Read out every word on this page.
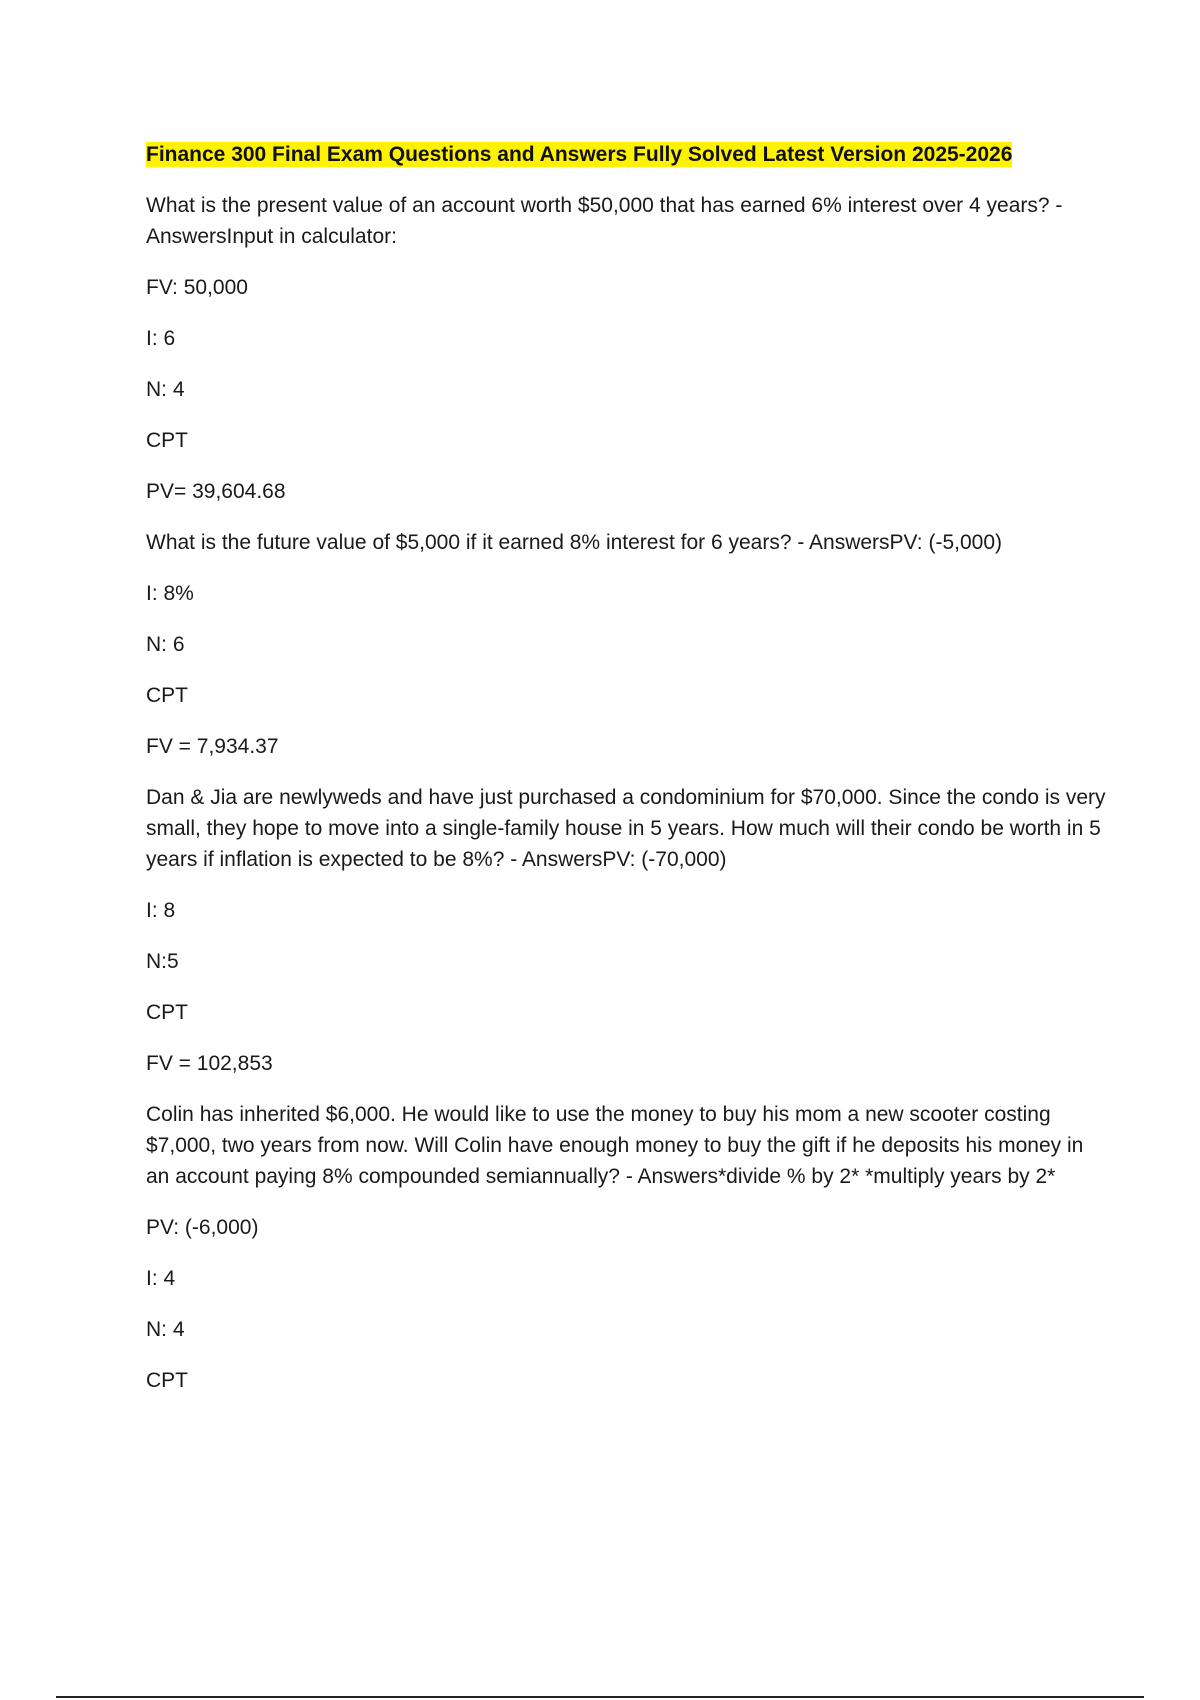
Finance 300 Final Exam Questions and Answers Fully Solved Latest Version 2025-2026

What is the present value of an account worth $50,000 that has earned 6% interest over 4 years? - AnswersInput in calculator:

FV: 50,000

I: 6

N: 4

CPT

PV= 39,604.68

What is the future value of $5,000 if it earned 8% interest for 6 years? - AnswersPV: (-5,000)

I: 8%

N: 6

CPT

FV = 7,934.37

Dan & Jia are newlyweds and have just purchased a condominium for $70,000. Since the condo is very small, they hope to move into a single-family house in 5 years. How much will their condo be worth in 5 years if inflation is expected to be 8%? - AnswersPV: (-70,000)

I: 8

N:5

CPT

FV = 102,853

Colin has inherited $6,000. He would like to use the money to buy his mom a new scooter costing $7,000, two years from now. Will Colin have enough money to buy the gift if he deposits his money in an account paying 8% compounded semiannually? - Answers*divide % by 2* *multiply years by 2*

PV: (-6,000)

I: 4

N: 4

CPT
